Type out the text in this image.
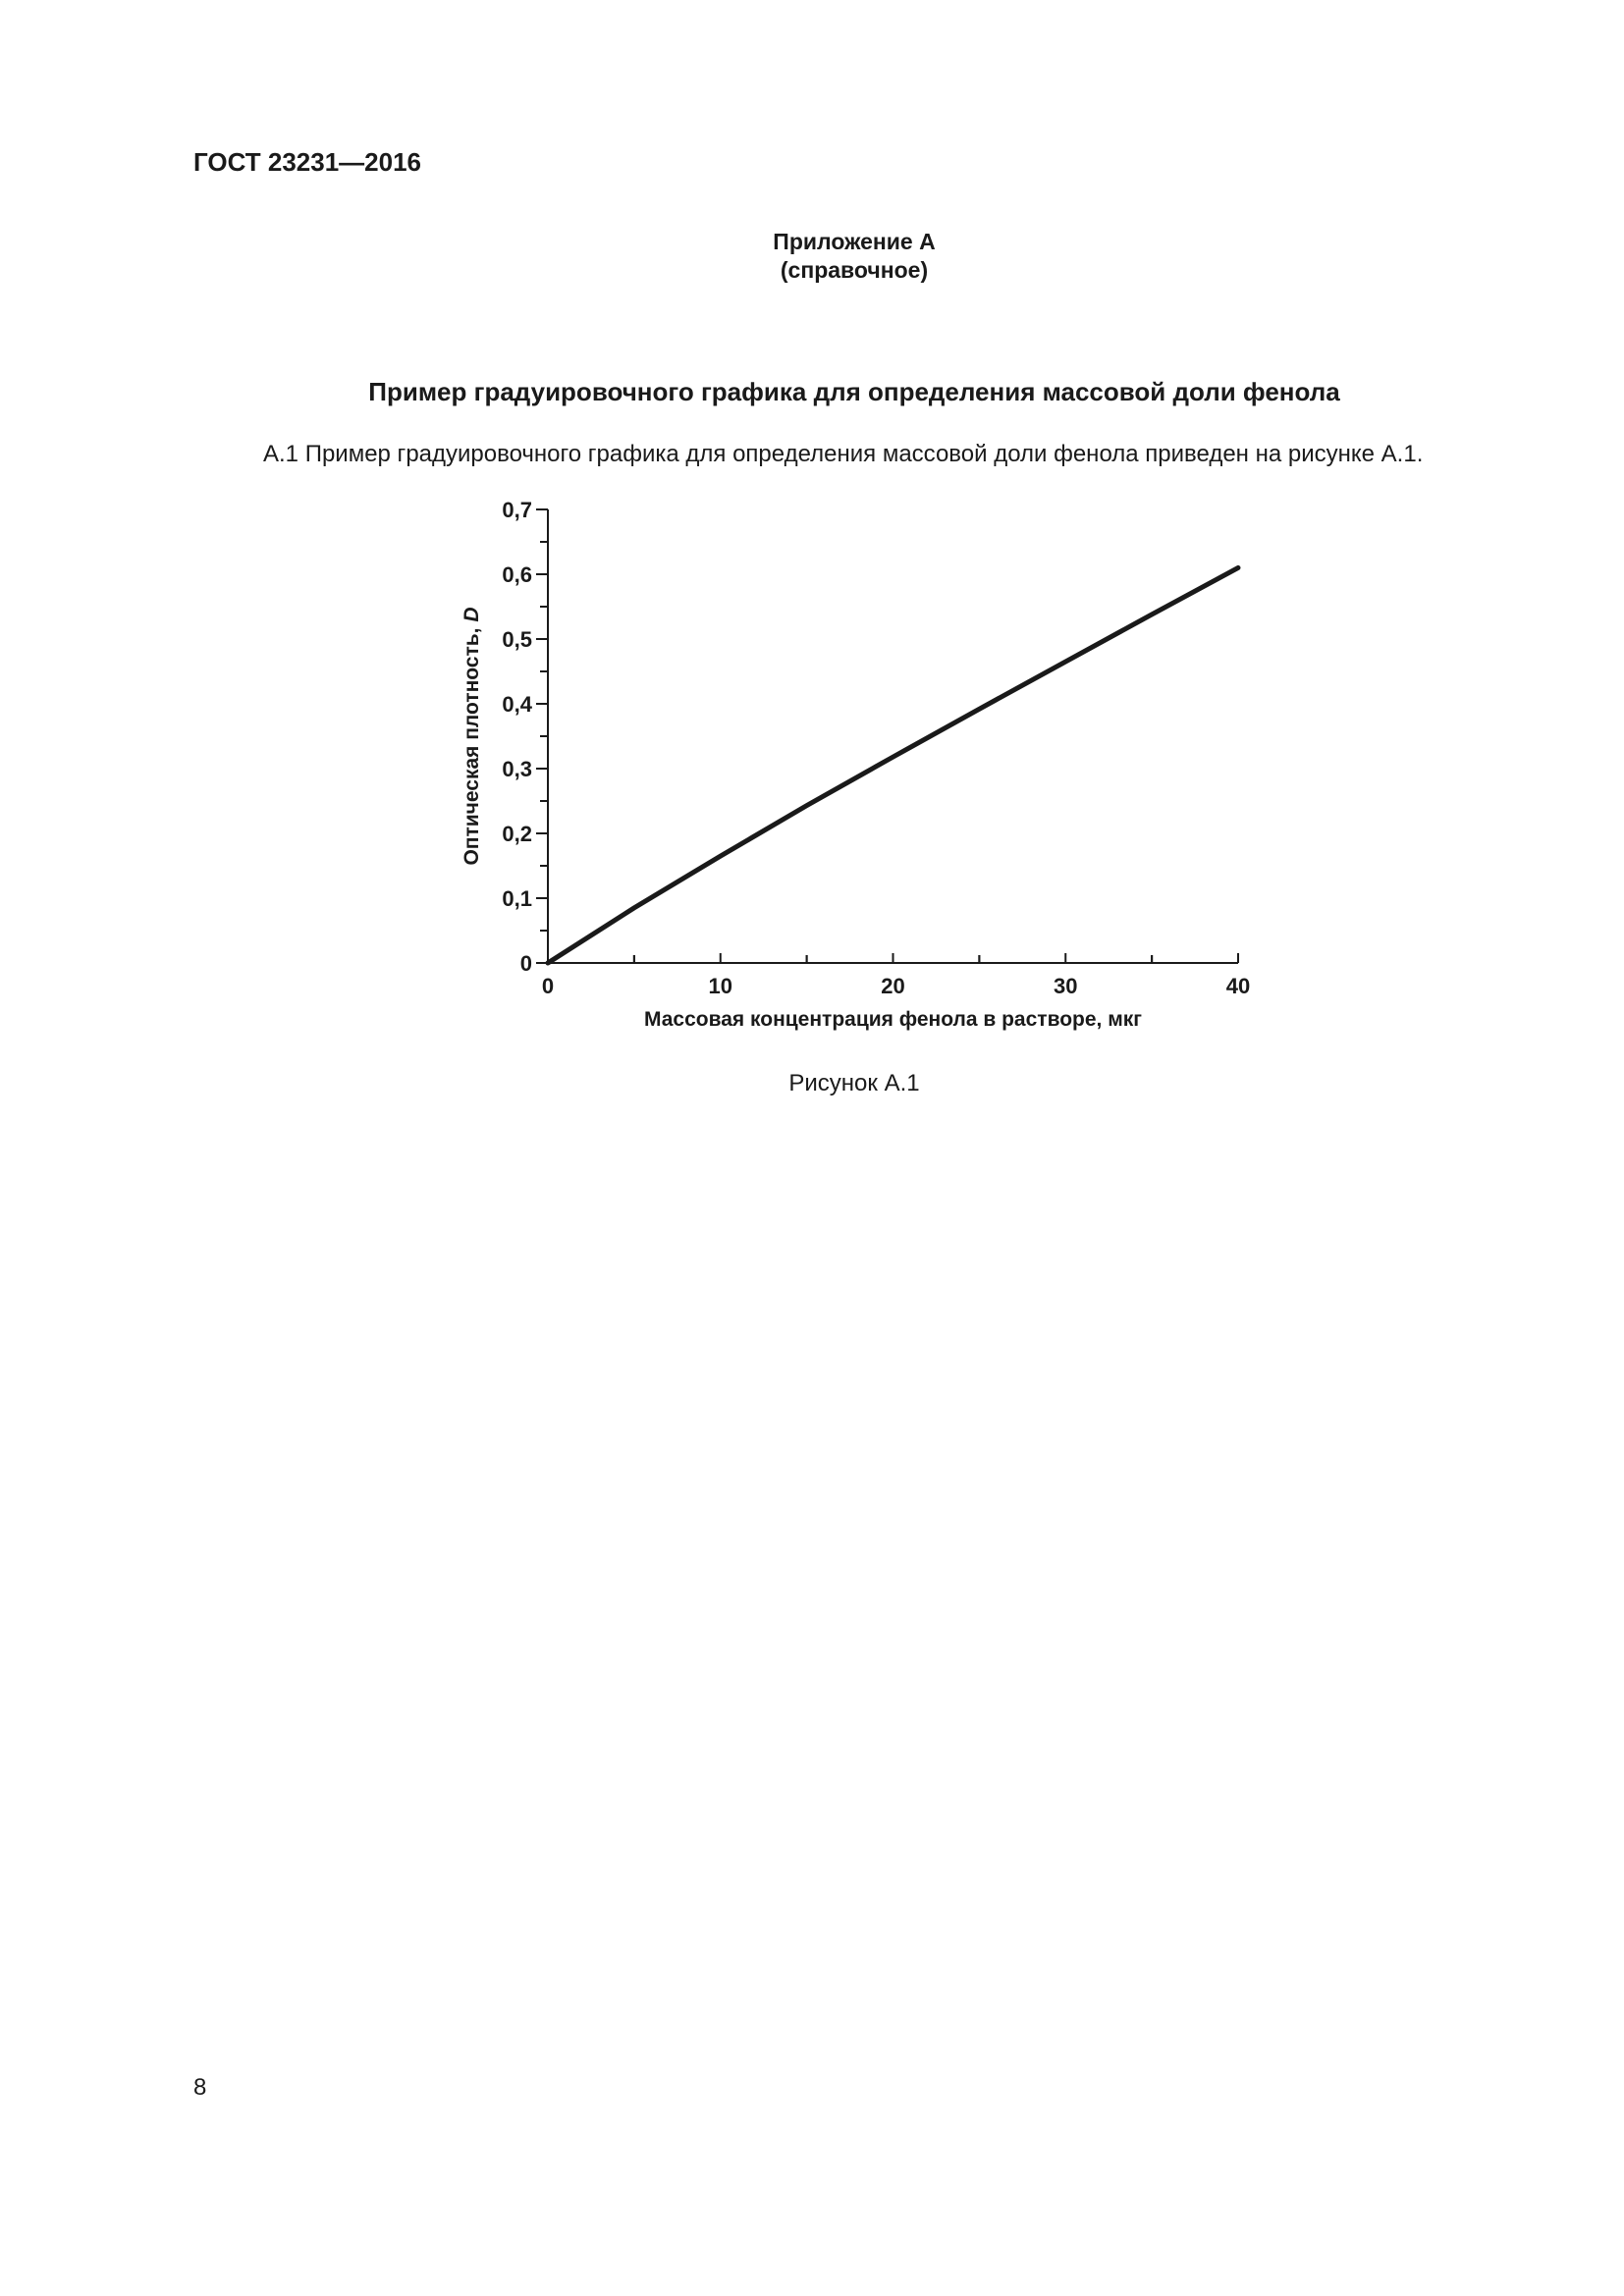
ГОСТ 23231—2016
Приложение А
(справочное)
Пример градуировочного графика для определения массовой доли фенола
А.1 Пример градуировочного графика для определения массовой доли фенола приведен на рисунке А.1.
0	10	20	30	40
0
0,1
0,2
0,3
0,4
0,5
0,6
0,7
Массовая концентрация фенола в растворе, мкг
Оптическая плотность, D
Рисунок А.1
8
